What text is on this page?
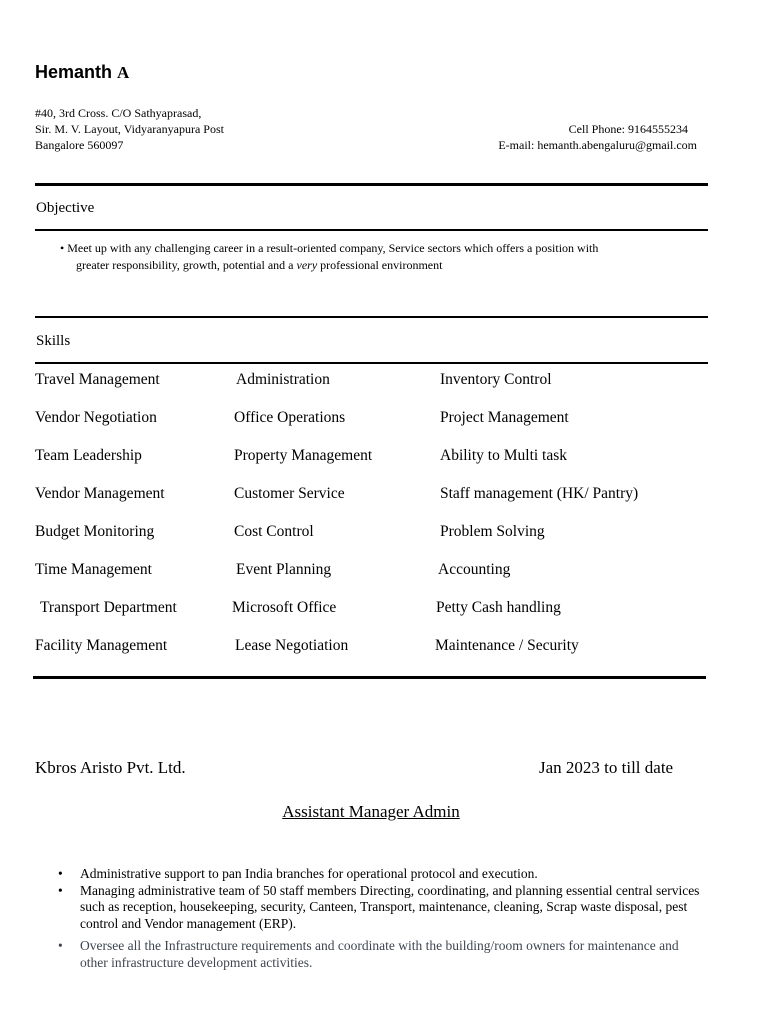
Hemanth A
#40, 3rd Cross. C/O Sathyaprasad,
Sir. M. V. Layout, Vidyaranyapura Post
Bangalore 560097
Cell Phone: 9164555234
E-mail: hemanth.abengaluru@gmail.com
Objective
• Meet up with any challenging career in a result-oriented company, Service sectors which offers a position with
greater responsibility, growth, potential and a very professional environment
Skills
Travel Management	Administration	Inventory Control
Vendor Negotiation	Office Operations	Project Management
Team Leadership	Property Management	Ability to Multi task
Vendor Management	Customer Service	Staff management (HK/ Pantry)
Budget Monitoring	Cost Control	Problem Solving
Time Management	Event Planning	Accounting
Transport Department	Microsoft Office	Petty Cash handling
Facility Management	Lease Negotiation	Maintenance / Security
Kbros Aristo Pvt. Ltd.	Jan 2023 to till date
Assistant Manager Admin
• Administrative support to pan India branches for operational protocol and execution.
• Managing administrative team of 50 staff members Directing, coordinating, and planning essential central services such as reception, housekeeping, security, Canteen, Transport, maintenance, cleaning, Scrap waste disposal, pest control and Vendor management (ERP).
• Oversee all the Infrastructure requirements and coordinate with the building/room owners for maintenance and other infrastructure development activities.
